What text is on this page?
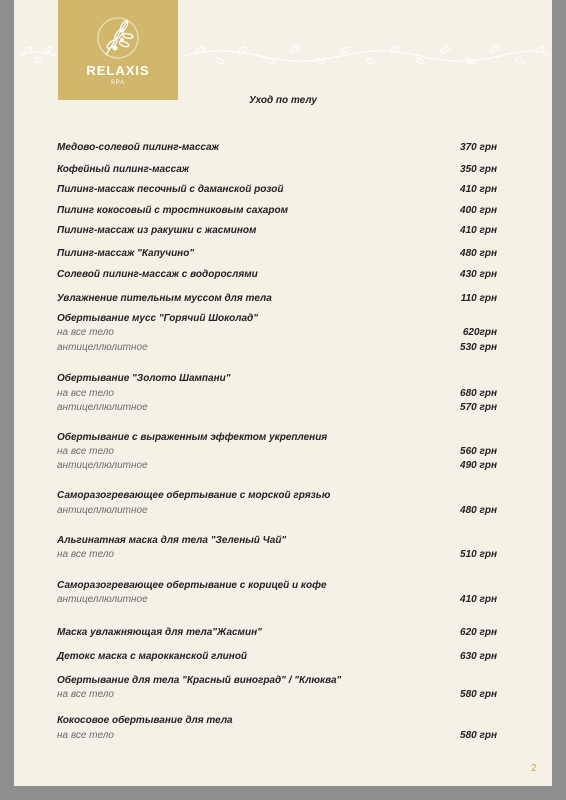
RELAXIS
SPA
Уход по телу
Медово-солевой пилинг-массаж	370 грн
Кофейный пилинг-массаж	350 грн
Пилинг-массаж песочный с даманской розой	410 грн
Пилинг кокосовый с тростниковым сахаром	400 грн
Пилинг-массаж из ракушки с жасмином	410 грн
Пилинг-массаж "Капучино"	480 грн
Солевой пилинг-массаж с водорослями	430 грн
Увлажнение пительным муссом для тела	110 грн
Обертывание мусс "Горячий Шоколад"
на все тело	620грн
антицеллюлитное	530 грн
Обертывание "Золото Шампани"
на все тело	680 грн
антицеллюлитное	570 грн
Обертывание с выраженным эффектом укрепления
на все тело	560 грн
антицеллюлитное	490 грн
Саморазогревающее обертывание с морской грязью
антицеллюлитное	480 грн
Альгинатная маска для тела "Зеленый Чай"
на все тело	510 грн
Саморазогревающее обертывание с корицей и кофе
антицеллюлитное	410 грн
Маска увлажняющая для тела"Жасмин"	620 грн
Детокс маска с марокканской глиной	630 грн
Обертывание для тела "Красный виноград" / "Клюква"
на все тело	580 грн
Кокосовое обертывание для тела
на все тело	580 грн
2
